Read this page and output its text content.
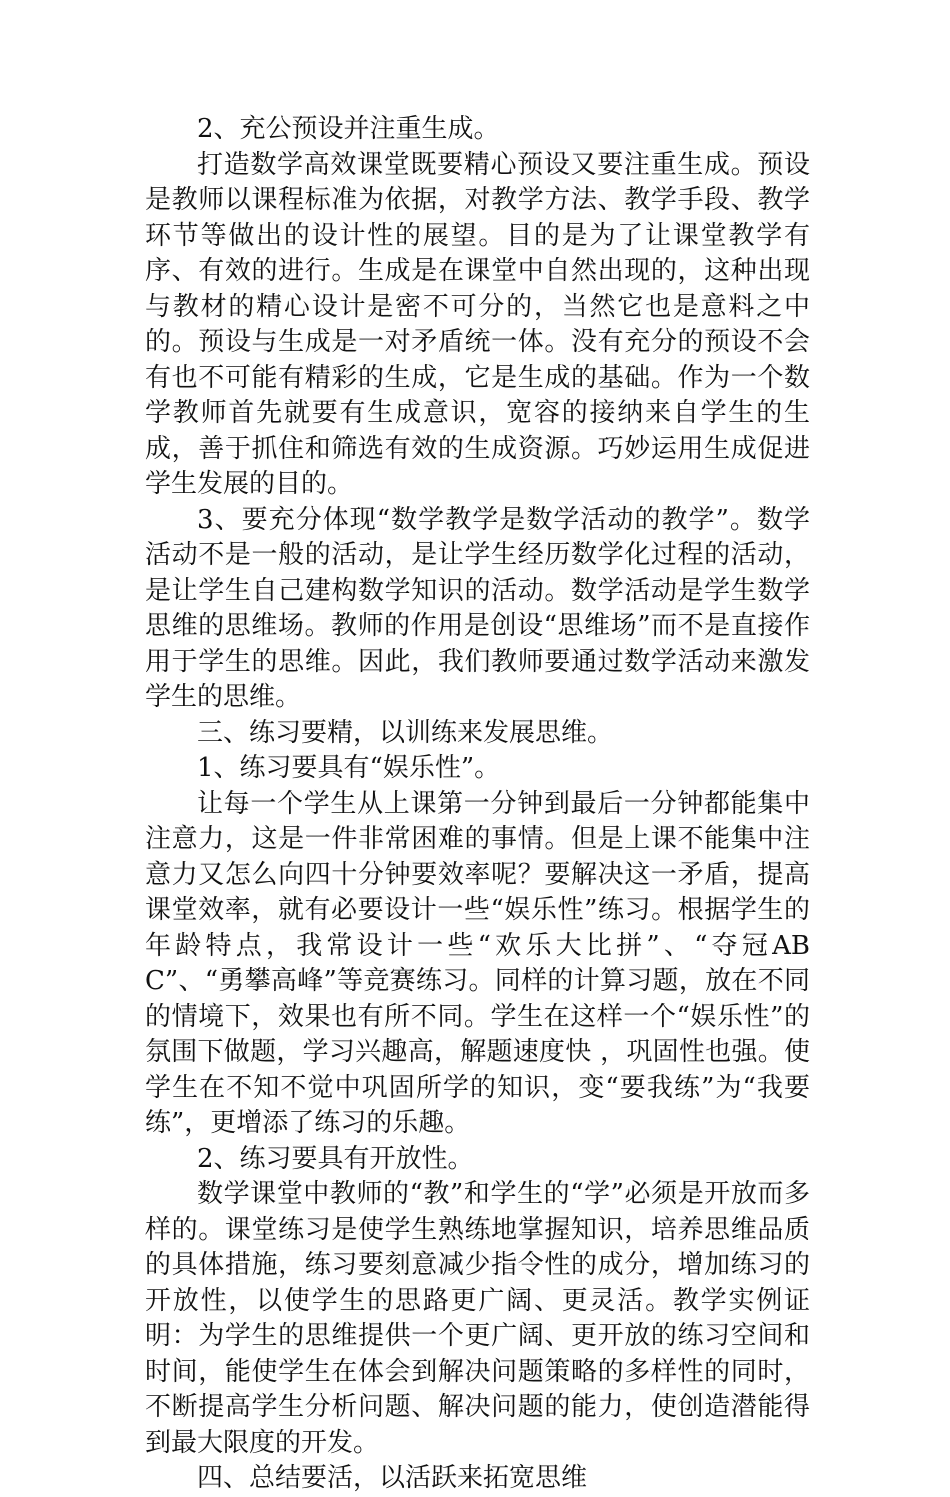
2、充公预设并注重生成。

打造数学高效课堂既要精心预设又要注重生成。预设是教师以课程标准为依据，对教学方法、教学手段、教学环节等做出的设计性的展望。目的是为了让课堂教学有序、有效的进行。生成是在课堂中自然出现的，这种出现与教材的精心设计是密不可分的，当然它也是意料之中的。预设与生成是一对矛盾统一体。没有充分的预设不会有也不可能有精彩的生成，它是生成的基础。作为一个数学教师首先就要有生成意识，宽容的接纳来自学生的生成，善于抓住和筛选有效的生成资源。巧妙运用生成促进学生发展的目的。

3、要充分体现“数学教学是数学活动的教学”。数学活动不是一般的活动，是让学生经历数学化过程的活动，是让学生自己建构数学知识的活动。数学活动是学生数学思维的思维场。教师的作用是创设“思维场”而不是直接作用于学生的思维。因此，我们教师要通过数学活动来激发学生的思维。

三、练习要精，以训练来发展思维。

1、练习要具有“娱乐性”。

让每一个学生从上课第一分钟到最后一分钟都能集中注意力，这是一件非常困难的事情。但是上课不能集中注意力又怎么向四十分钟要效率呢？要解决这一矛盾，提高课堂效率，就有必要设计一些“娱乐性”练习。根据学生的年龄特点，我常设计一些“欢乐大比拼”、“夺冠ABC”、“勇攀高峰”等竞赛练习。同样的计算习题，放在不同的情境下，效果也有所不同。学生在这样一个“娱乐性”的氛围下做题，学习兴趣高，解题速度快 ，巩固性也强。使学生在不知不觉中巩固所学的知识，变“要我练”为“我要练”，更增添了练习的乐趣。

2、练习要具有开放性。

数学课堂中教师的“教”和学生的“学”必须是开放而多样的。课堂练习是使学生熟练地掌握知识，培养思维品质的具体措施，练习要刻意减少指令性的成分，增加练习的开放性，以使学生的思路更广阔、更灵活。教学实例证明：为学生的思维提供一个更广阔、更开放的练习空间和时间，能使学生在体会到解决问题策略的多样性的同时，不断提高学生分析问题、解决问题的能力，使创造潜能得到最大限度的开发。

四、总结要活，以活跃来拓宽思维
